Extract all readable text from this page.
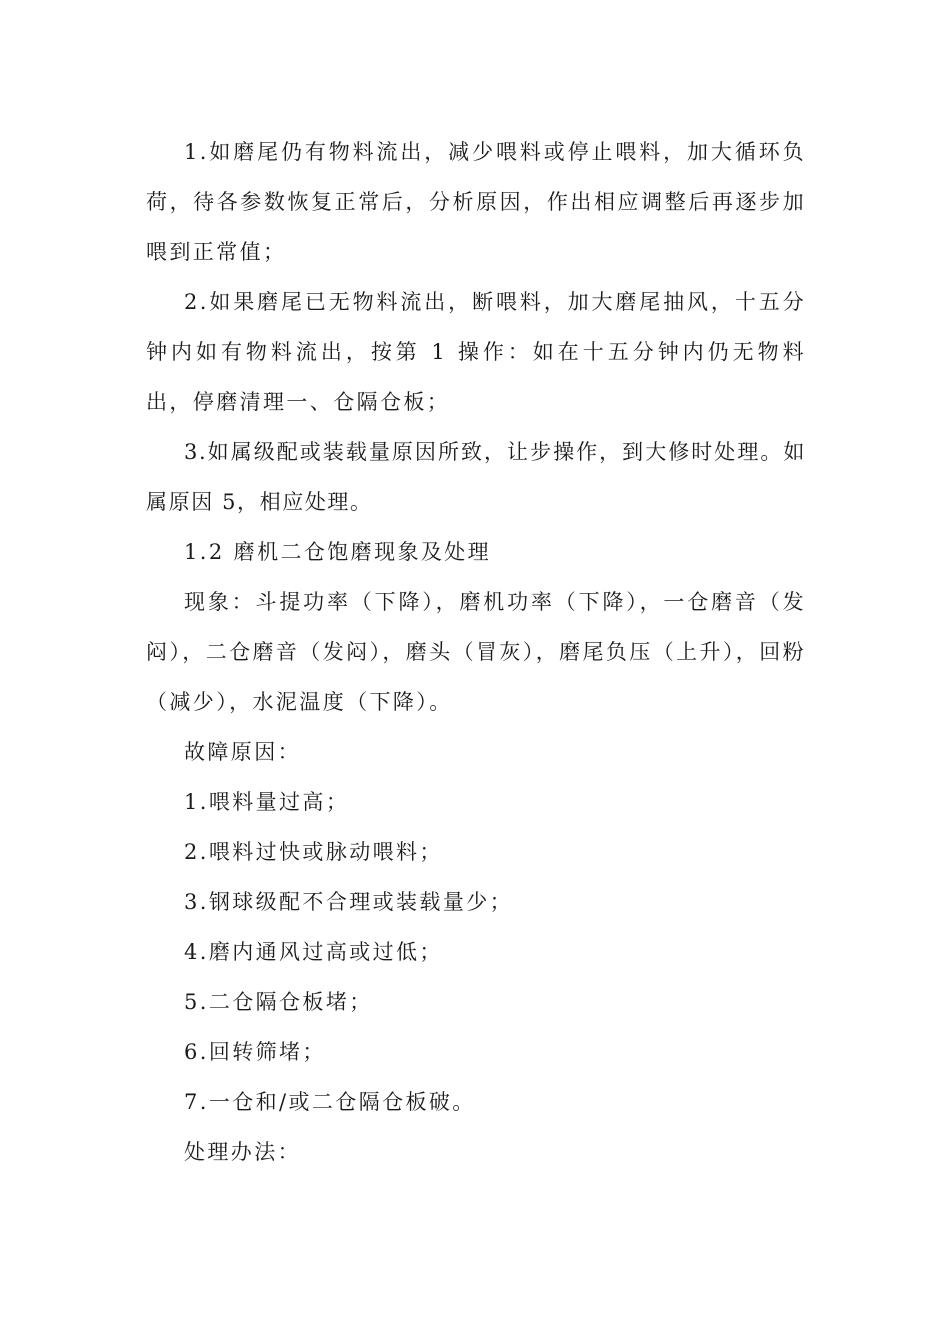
1.如磨尾仍有物料流出，减少喂料或停止喂料，加大循环负荷，待各参数恢复正常后，分析原因，作出相应调整后再逐步加喂到正常值；

2.如果磨尾已无物料流出，断喂料，加大磨尾抽风，十五分钟内如有物料流出，按第 1 操作：如在十五分钟内仍无物料出，停磨清理一、仓隔仓板；

3.如属级配或装载量原因所致，让步操作，到大修时处理。如属原因 5，相应处理。

1.2 磨机二仓饱磨现象及处理

现象：斗提功率（下降），磨机功率（下降），一仓磨音（发闷），二仓磨音（发闷），磨头（冒灰），磨尾负压（上升），回粉（减少），水泥温度（下降）。

故障原因：

1.喂料量过高；

2.喂料过快或脉动喂料；

3.钢球级配不合理或装载量少；

4.磨内通风过高或过低；

5.二仓隔仓板堵；

6.回转筛堵；

7.一仓和/或二仓隔仓板破。

处理办法：
